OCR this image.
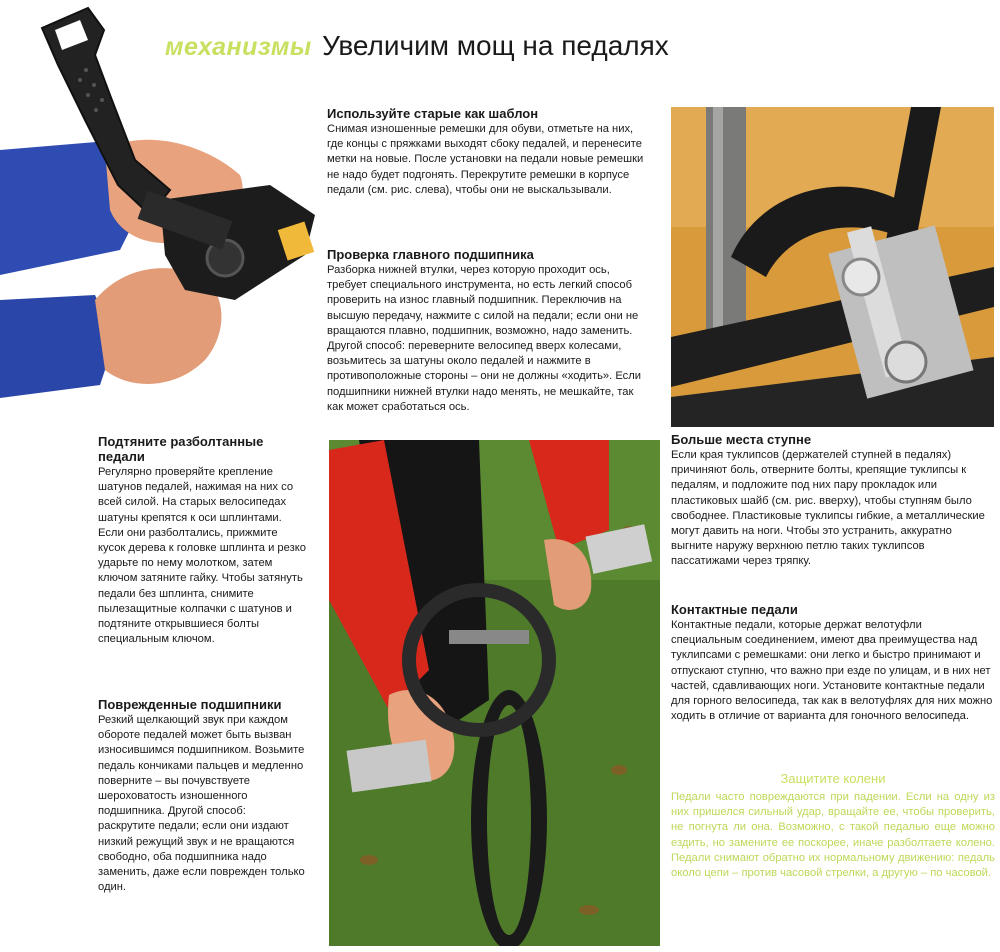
механизмы Увеличим мощ на педалях
Используйте старые как шаблон

Снимая изношенные ремешки для обуви, отметьте на них, где концы с пряжками выходят сбоку педалей, и перенесите метки на новые. После установки на педали новые ремешки не надо будет подгонять. Перекрутите ремешки в корпусе педали (см. рис. слева), чтобы они не выскальзывали.

Проверка главного подшипника

Разборка нижней втулки, через которую проходит ось, требует специального инструмента, но есть легкий способ проверить на износ главный подшипник. Переключив на высшую передачу, нажмите с силой на педали; если они не вращаются плавно, подшипник, возможно, надо заменить. Другой способ: переверните велосипед вверх колесами, возьмитесь за шатуны около педалей и нажмите в противоположные стороны – они не должны «ходить». Если подшипники нижней втулки надо менять, не мешкайте, так как может сработаться ось.

Подтяните разболтанные педали

Регулярно проверяйте крепление шатунов педалей, нажимая на них со всей силой. На старых велосипедах шатуны крепятся к оси шплинтами. Если они разболтались, прижмите кусок дерева к головке шплинта и резко ударьте по нему молотком, затем ключом затяните гайку. Чтобы затянуть педали без шплинта, снимите пылезащитные колпачки с шатунов и подтяните открывшиеся болты специальным ключом.

Поврежденные подшипники

Резкий щелкающий звук при каждом обороте педалей может быть вызван износившимся подшипником. Возьмите педаль кончиками пальцев и медленно поверните – вы почувствуете шероховатость изношенного подшипника. Другой способ: раскрутите педали; если они издают низкий режущий звук и не вращаются свободно, оба подшипника надо заменить, даже если поврежден только один.

Больше места ступне

Если края туклипсов (держателей ступней в педалях) причиняют боль, отверните болты, крепящие туклипсы к педалям, и подложите под них пару прокладок или пластиковых шайб (см. рис. вверху), чтобы ступням было свободнее. Пластиковые туклипсы гибкие, а металлические могут давить на ноги. Чтобы это устранить, аккуратно выгните наружу верхнюю петлю таких туклипсов пассатижами через тряпку.

Контактные педали

Контактные педали, которые держат велотуфли специальным соединением, имеют два преимущества над туклипсами с ремешками: они легко и быстро принимают и отпускают ступню, что важно при езде по улицам, и в них нет частей, сдавливающих ноги. Установите контактные педали для горного велосипеда, так как в велотуфлях для них можно ходить в отличие от варианта для гоночного велосипеда.

Защитите колени

Педали часто повреждаются при падении. Если на одну из них пришелся сильный удар, вращайте ее, чтобы проверить, не погнута ли она. Возможно, с такой педалью еще можно ездить, но замените ее поскорее, иначе разболтаете колено. Педали снимают обратно их нормальному движению: педаль около цепи – против часовой стрелки, а другую – по часовой.
